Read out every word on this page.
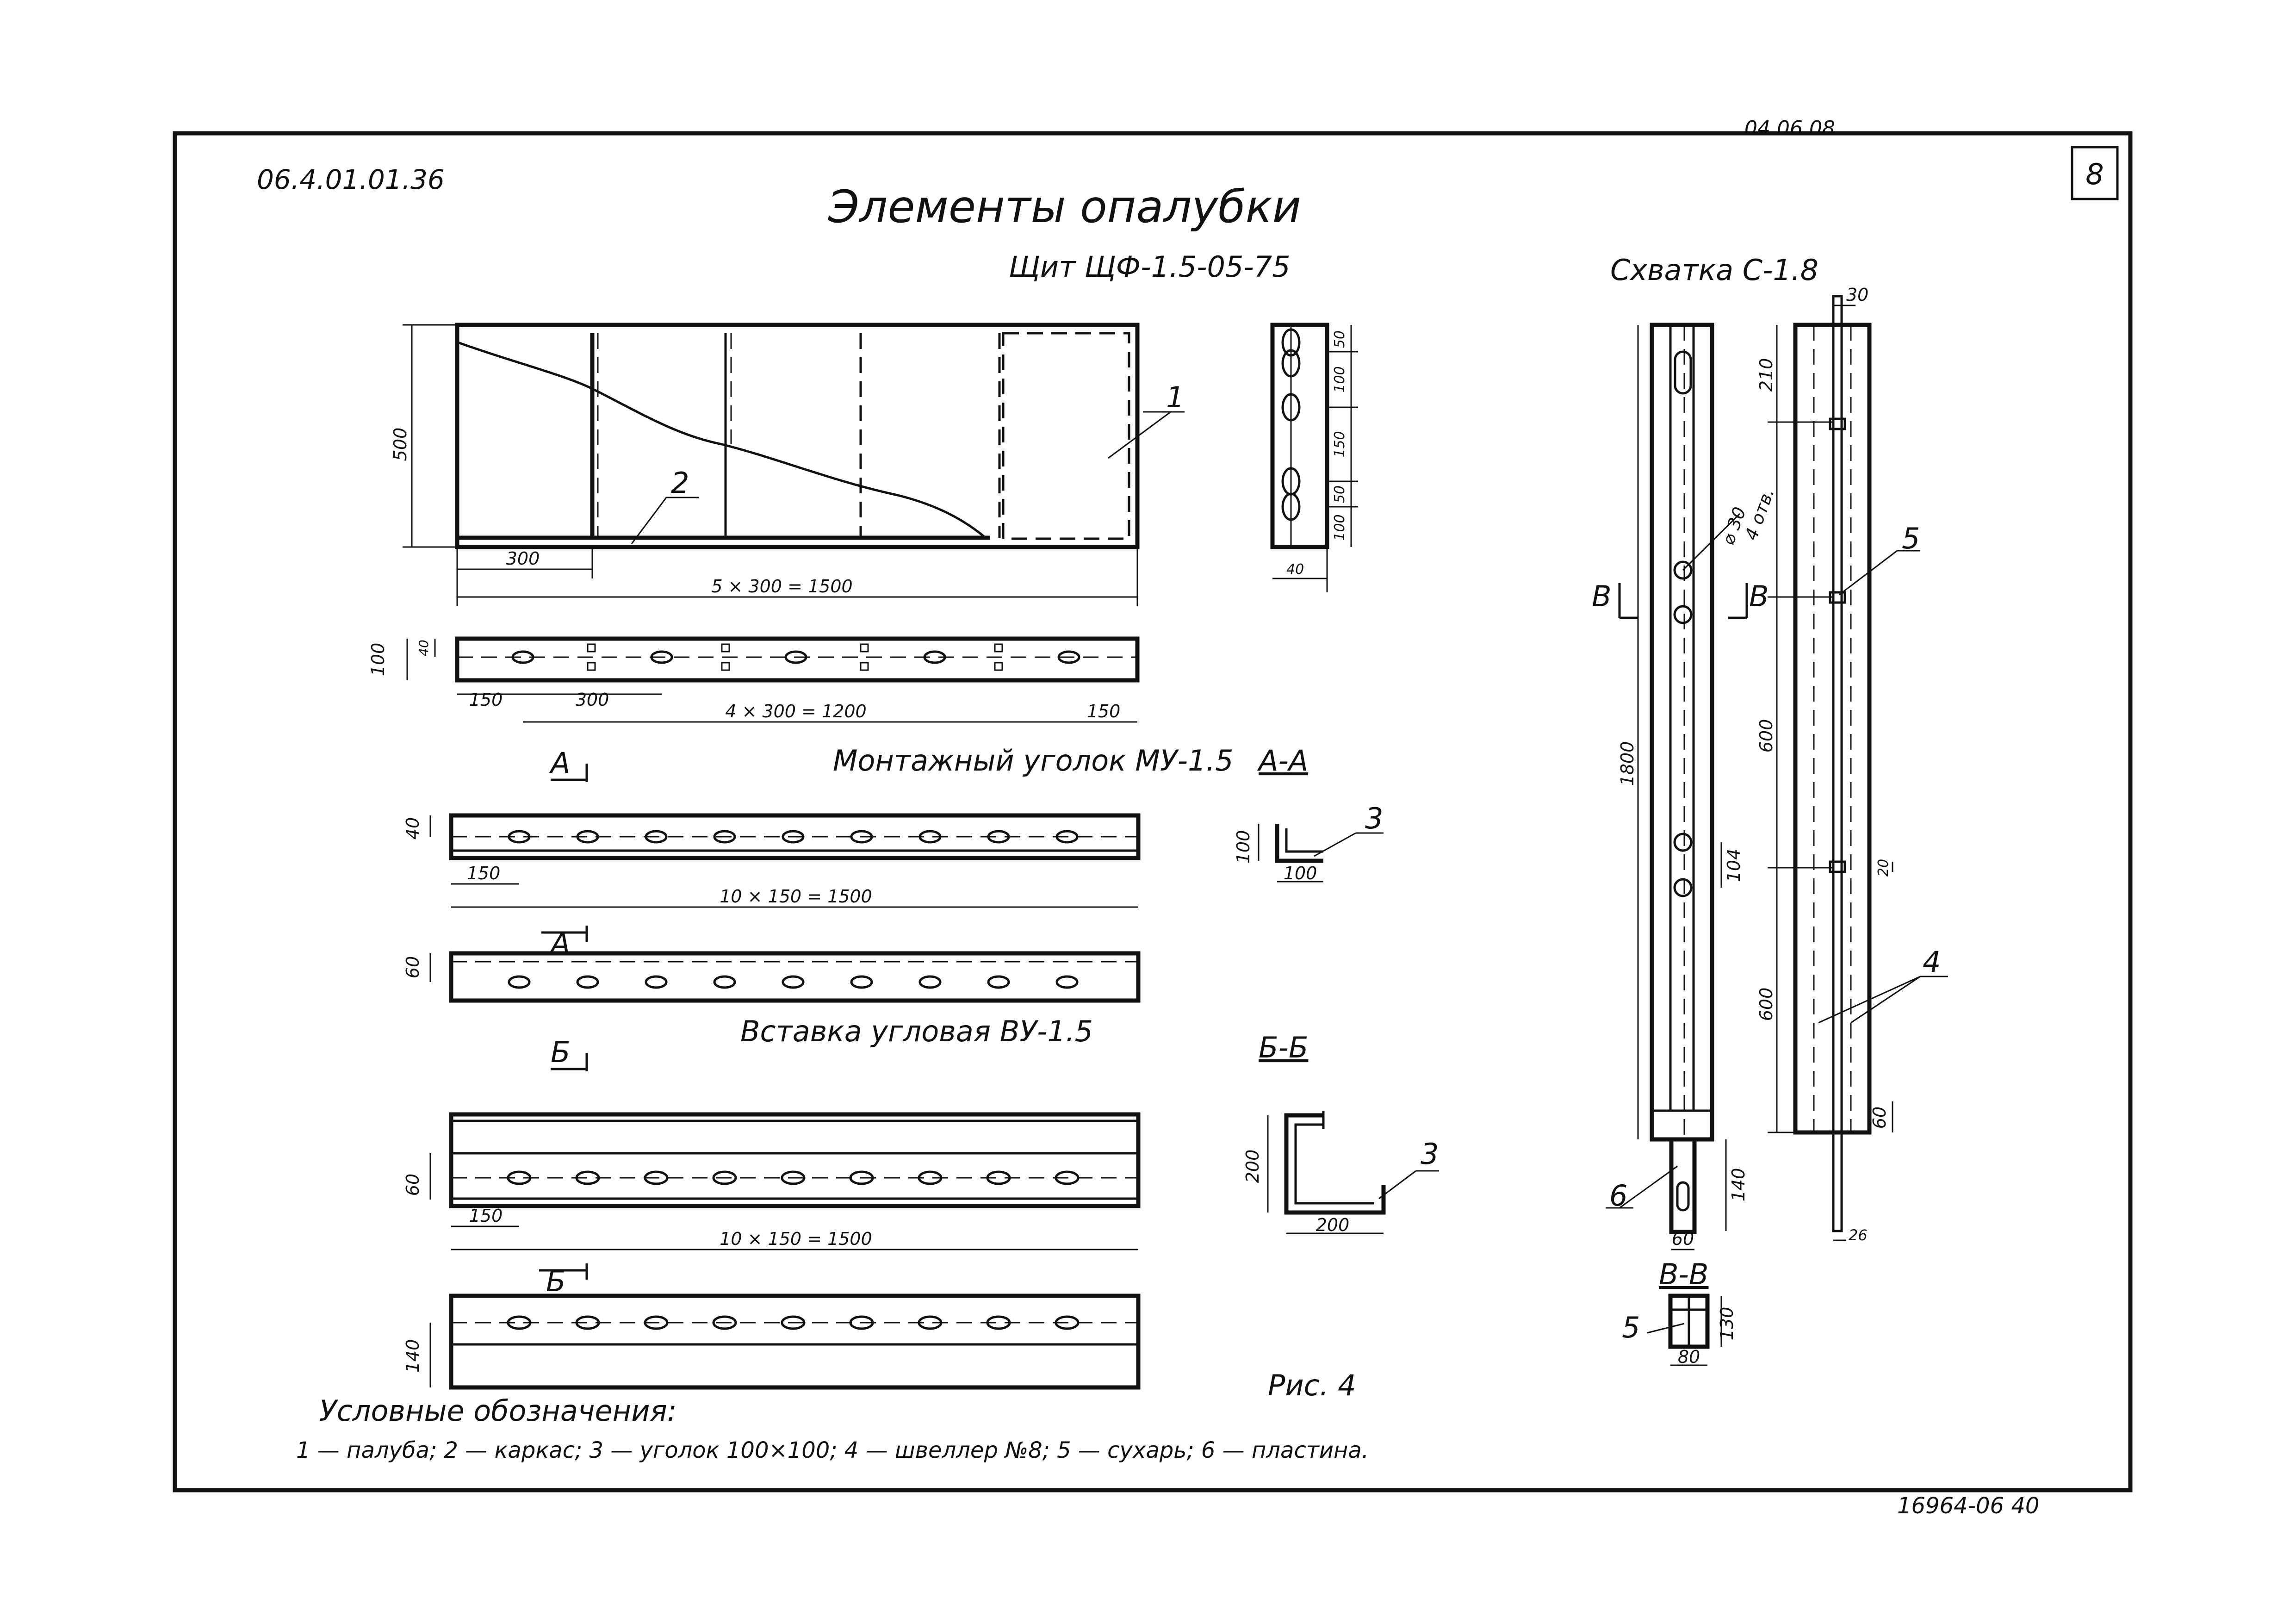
8
04.06.08
06.4.01.01.36
Элементы опалубки
Щит ЩФ-1.5-05-75
500
300
5 × 300 = 1500
1
2
50
100
150
50
100
40
100 40
150	300
4 × 300 = 1200	150
А	Монтажный уголок МУ-1.5 А-А
40
150
10 × 150 = 1500
А
60
100
100
3
Вставка угловая ВУ-1.5	Б-Б
Б
60
150
10 × 150 = 1500
Б
140
200
200
3
Рис. 4
Схватка С-1.8
1800
104
140
60
⌀ 30
4 отв.
6
В	В
30
210
600
600
20
60
26
5
4
В-В
130
80
5
Условные обозначения:
1 — палуба; 2 — каркас; 3 — уголок 100×100; 4 — швеллер №8; 5 — сухарь; 6 — пластина.
16964-06 40
